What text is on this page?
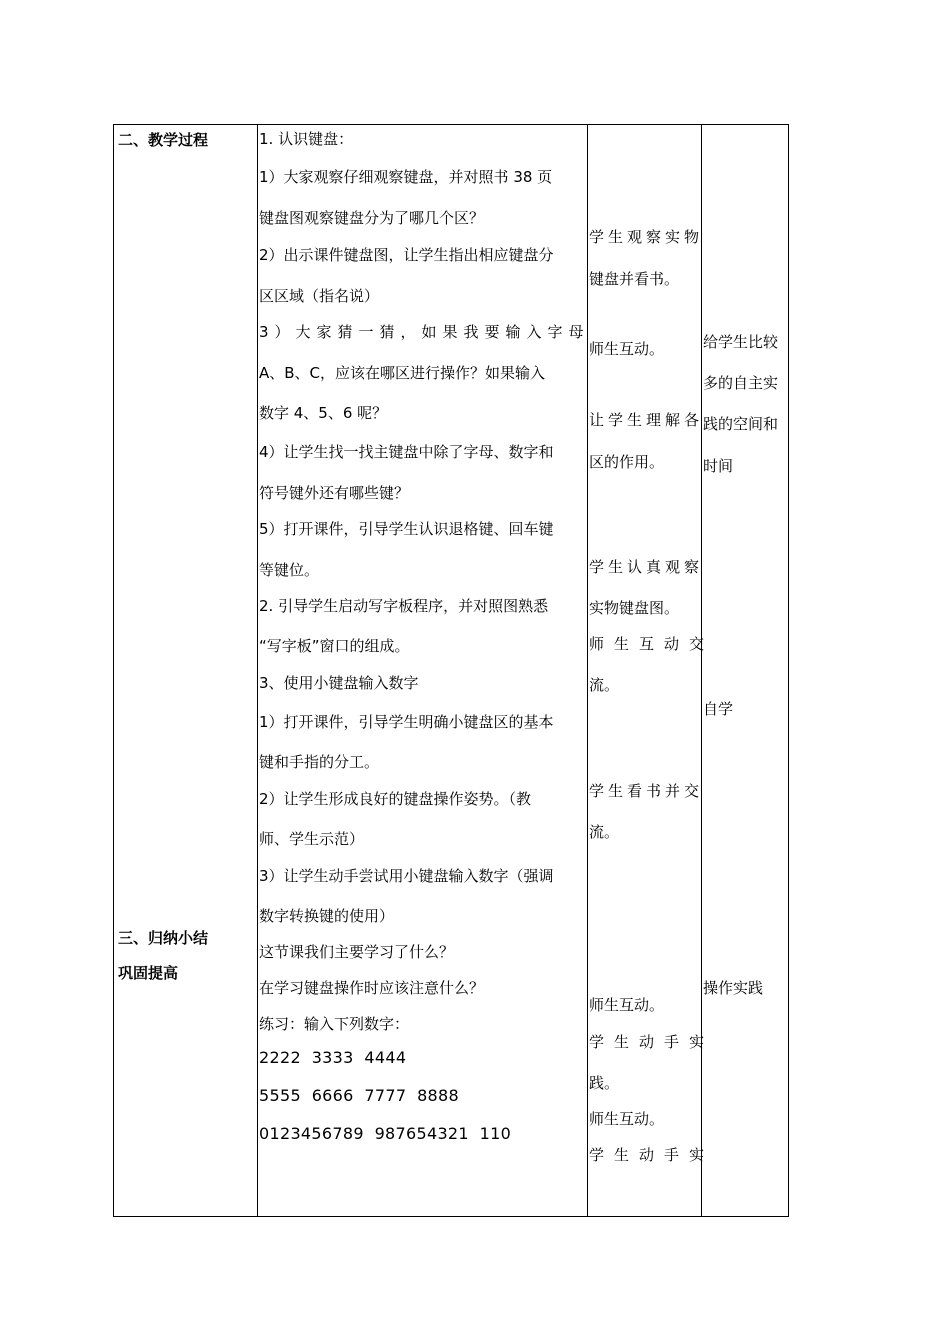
二、教学过程
三、归纳小结
巩固提高
1. 认识键盘：
1）大家观察仔细观察键盘，并对照书 38 页
键盘图观察键盘分为了哪几个区？
2）出示课件键盘图，让学生指出相应键盘分
区区域（指名说）
3）大家猜一猜，如果我要输入字母
A、B、C，应该在哪区进行操作？如果输入
数字 4、5、6 呢？
4）让学生找一找主键盘中除了字母、数字和
符号键外还有哪些键？
5）打开课件，引导学生认识退格键、回车键
等键位。
2. 引导学生启动写字板程序，并对照图熟悉
“写字板”窗口的组成。
3、使用小键盘输入数字
1）打开课件，引导学生明确小键盘区的基本
键和手指的分工。
2）让学生形成良好的键盘操作姿势。（教
师、学生示范）
3）让学生动手尝试用小键盘输入数字（强调
数字转换键的使用）
这节课我们主要学习了什么？
在学习键盘操作时应该注意什么？
练习：输入下列数字：
2222  3333  4444
5555  6666  7777  8888
0123456789  987654321  110
学生观察实物
键盘并看书。
师生互动。
让学生理解各
区的作用。
学生认真观察
实物键盘图。
师生互动交
流。
学生看书并交
流。
师生互动。
学生动手实
践。
师生互动。
学生动手实
给学生比较
多的自主实
践的空间和
时间
自学
操作实践
